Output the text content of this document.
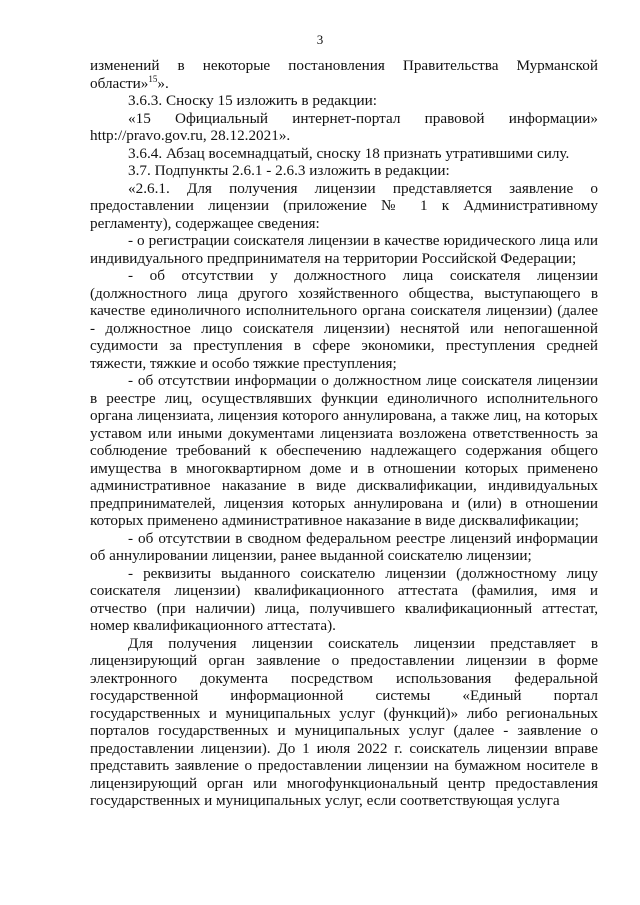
3

изменений в некоторые постановления Правительства Мурманской области»$^{15}$».

3.6.3. Сноску 15 изложить в редакции:

«15 Официальный интернет-портал правовой информации» http://pravo.gov.ru, 28.12.2021».

3.6.4. Абзац восемнадцатый, сноску 18 признать утратившими силу.

3.7. Подпункты 2.6.1 - 2.6.3 изложить в редакции:

«2.6.1. Для получения лицензии представляется заявление о предоставлении лицензии (приложение № 1 к Административному регламенту), содержащее сведения:

- о регистрации соискателя лицензии в качестве юридического лица или индивидуального предпринимателя на территории Российской Федерации;

- об отсутствии у должностного лица соискателя лицензии (должностного лица другого хозяйственного общества, выступающего в качестве единоличного исполнительного органа соискателя лицензии) (далее - должностное лицо соискателя лицензии) неснятой или непогашенной судимости за преступления в сфере экономики, преступления средней тяжести, тяжкие и особо тяжкие преступления;

- об отсутствии информации о должностном лице соискателя лицензии в реестре лиц, осуществлявших функции единоличного исполнительного органа лицензиата, лицензия которого аннулирована, а также лиц, на которых уставом или иными документами лицензиата возложена ответственность за соблюдение требований к обеспечению надлежащего содержания общего имущества в многоквартирном доме и в отношении которых применено административное наказание в виде дисквалификации, индивидуальных предпринимателей, лицензия которых аннулирована и (или) в отношении которых применено административное наказание в виде дисквалификации;

- об отсутствии в сводном федеральном реестре лицензий информации об аннулировании лицензии, ранее выданной соискателю лицензии;

- реквизиты выданного соискателю лицензии (должностному лицу соискателя лицензии) квалификационного аттестата (фамилия, имя и отчество (при наличии) лица, получившего квалификационный аттестат, номер квалификационного аттестата).

Для получения лицензии соискатель лицензии представляет в лицензирующий орган заявление о предоставлении лицензии в форме электронного документа посредством использования федеральной государственной информационной системы «Единый портал государственных и муниципальных услуг (функций)» либо региональных порталов государственных и муниципальных услуг (далее - заявление о предоставлении лицензии). До 1 июля 2022 г. соискатель лицензии вправе представить заявление о предоставлении лицензии на бумажном носителе в лицензирующий орган или многофункциональный центр предоставления государственных и муниципальных услуг, если соответствующая услуга
